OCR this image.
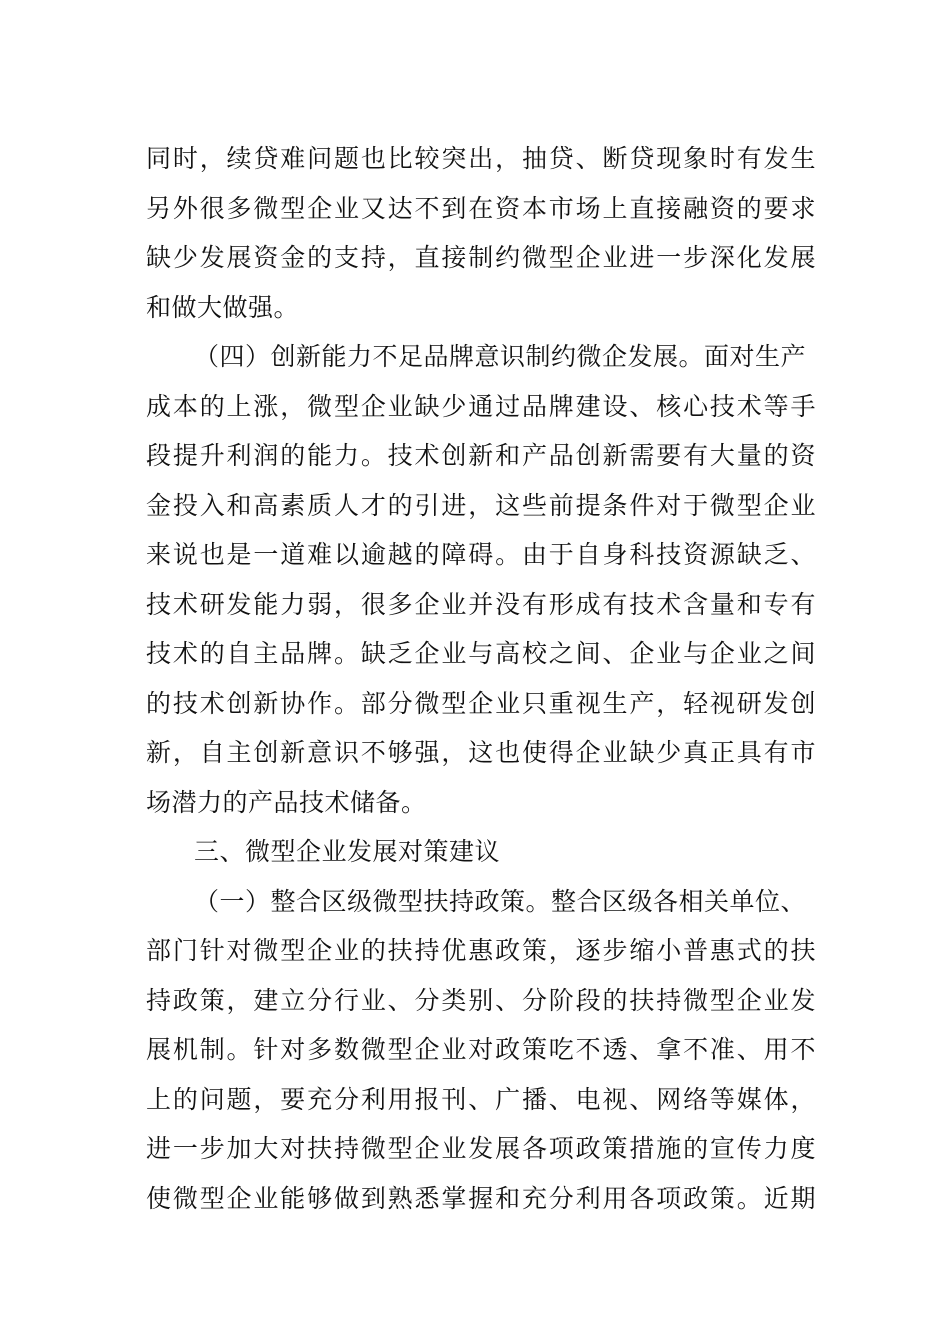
同时，续贷难问题也比较突出，抽贷、断贷现象时有发生
另外很多微型企业又达不到在资本市场上直接融资的要求
缺少发展资金的支持，直接制约微型企业进一步深化发展
和做大做强。
（四）创新能力不足品牌意识制约微企发展。面对生产
成本的上涨，微型企业缺少通过品牌建设、核心技术等手
段提升利润的能力。技术创新和产品创新需要有大量的资
金投入和高素质人才的引进，这些前提条件对于微型企业
来说也是一道难以逾越的障碍。由于自身科技资源缺乏、
技术研发能力弱，很多企业并没有形成有技术含量和专有
技术的自主品牌。缺乏企业与高校之间、企业与企业之间
的技术创新协作。部分微型企业只重视生产，轻视研发创
新，自主创新意识不够强，这也使得企业缺少真正具有市
场潜力的产品技术储备。
三、微型企业发展对策建议
（一）整合区级微型扶持政策。整合区级各相关单位、
部门针对微型企业的扶持优惠政策，逐步缩小普惠式的扶
持政策，建立分行业、分类别、分阶段的扶持微型企业发
展机制。针对多数微型企业对政策吃不透、拿不准、用不
上的问题，要充分利用报刊、广播、电视、网络等媒体，
进一步加大对扶持微型企业发展各项政策措施的宣传力度
使微型企业能够做到熟悉掌握和充分利用各项政策。近期
